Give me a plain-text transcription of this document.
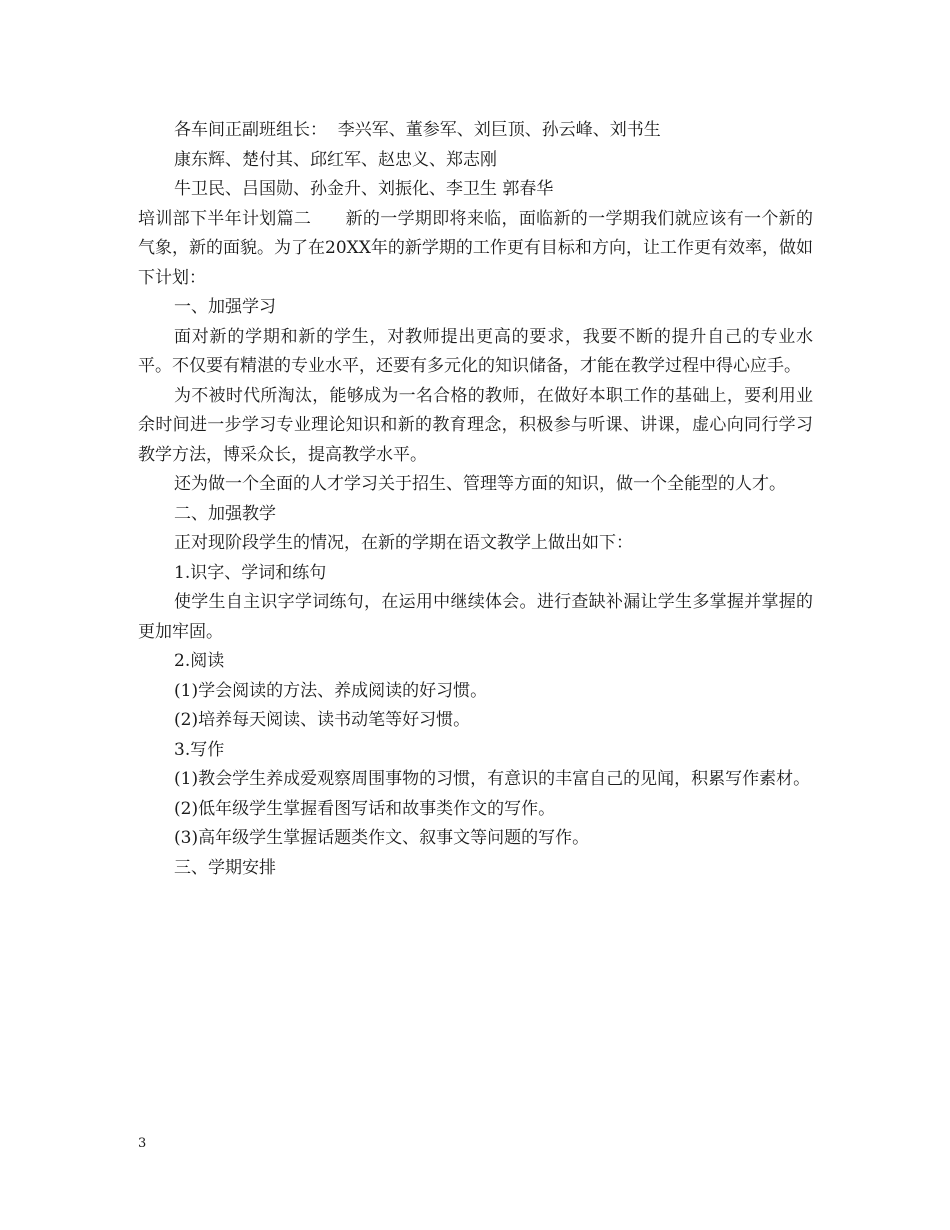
各车间正副班组长：  李兴军、董参军、刘巨顶、孙云峰、刘书生

康东辉、楚付其、邱红军、赵忠义、郑志刚

牛卫民、吕国勋、孙金升、刘振化、李卫生 郭春华

培训部下半年计划篇二      新的一学期即将来临，面临新的一学期我们就应该有一个新的气象，新的面貌。为了在20XX年的新学期的工作更有目标和方向，让工作更有效率，做如下计划：

一、加强学习

面对新的学期和新的学生，对教师提出更高的要求，我要不断的提升自己的专业水平。不仅要有精湛的专业水平，还要有多元化的知识储备，才能在教学过程中得心应手。

为不被时代所淘汰，能够成为一名合格的教师，在做好本职工作的基础上，要利用业余时间进一步学习专业理论知识和新的教育理念，积极参与听课、讲课，虚心向同行学习教学方法，博采众长，提高教学水平。

还为做一个全面的人才学习关于招生、管理等方面的知识，做一个全能型的人才。

二、加强教学

正对现阶段学生的情况，在新的学期在语文教学上做出如下：

1.识字、学词和练句

使学生自主识字学词练句，在运用中继续体会。进行查缺补漏让学生多掌握并掌握的更加牢固。

2.阅读

(1)学会阅读的方法、养成阅读的好习惯。

(2)培养每天阅读、读书动笔等好习惯。

3.写作

(1)教会学生养成爱观察周围事物的习惯，有意识的丰富自己的见闻，积累写作素材。

(2)低年级学生掌握看图写话和故事类作文的写作。

(3)高年级学生掌握话题类作文、叙事文等问题的写作。

三、学期安排

3
